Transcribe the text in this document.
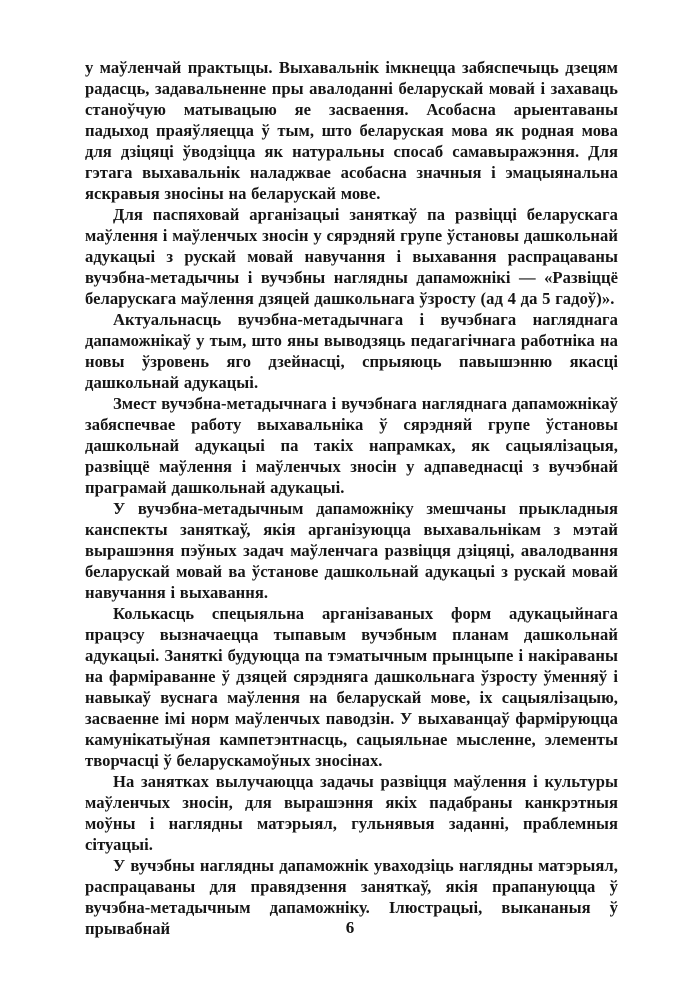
у маўленчай практыцы. Выхавальнік імкнецца забяспечыць дзецям радасць, задавальненне пры авалоданні беларускай мовай і захаваць станоўчую матывацыю яе засваення. Асобасна арыентаваны падыход праяўляецца ў тым, што беларуская мова як родная мова для дзіцяці ўводзіцца як натуральны спосаб самавыражэння. Для гэтага выхавальнік наладжвае асобасна значныя і эмацыянальна яскравыя зносіны на беларускай мове.

Для паспяховай арганізацыі заняткаў па развіцці беларускага маўлення і маўленчых зносін у сярэдняй групе ўстановы дашкольнай адукацыі з рускай мовай навучання і выхавання распрацаваны вучэбна-метадычны і вучэбны наглядны дапаможнікі — «Развіццё беларускага маўлення дзяцей дашкольнага ўзросту (ад 4 да 5 гадоў)».

Актуальнасць вучэбна-метадычнага і вучэбнага нагляднага дапаможнікаў у тым, што яны выводзяць педагагічнага работніка на новы ўзровень яго дзейнасці, спрыяюць павышэнню якасці дашкольнай адукацыі.

Змест вучэбна-метадычнага і вучэбнага нагляднага дапаможнікаў забяспечвае работу выхавальніка ў сярэдняй групе ўстановы дашкольнай адукацыі па такіх напрамках, як сацыялізацыя, развіццё маўлення і маўленчых зносін у адпаведнасці з вучэбнай праграмай дашкольнай адукацыі.

У вучэбна-метадычным дапаможніку змешчаны прыкладныя канспекты заняткаў, якія арганізуюцца выхавальнікам з мэтай вырашэння пэўных задач маўленчага развіцця дзіцяці, авалодвання беларускай мовай ва ўстанове дашкольнай адукацыі з рускай мовай навучання і выхавання.

Колькасць спецыяльна арганізаваных форм адукацыйнага працэсу вызначаецца тыпавым вучэбным планам дашкольнай адукацыі. Заняткі будуюцца па тэматычным прынцыпе і накіраваны на фарміраванне ў дзяцей сярэдняга дашкольнага ўзросту ўменняў і навыкаў вуснага маўлення на беларускай мове, іх сацыялізацыю, засваенне імі норм маўленчых паводзін. У выхаванцаў фарміруюцца камунікатыўная кампетэнтнасць, сацыяльнае мысленне, элементы творчасці ў беларускамоўных зносінах.

На занятках вылучаюцца задачы развіцця маўлення і культуры маўленчых зносін, для вырашэння якіх падабраны канкрэтныя моўны і наглядны матэрыял, гульнявыя заданні, праблемныя сітуацыі.

У вучэбны наглядны дапаможнік уваходзіць наглядны матэрыял, распрацаваны для правядзення заняткаў, якія прапануюцца ў вучэбна-метадычным дапаможніку. Ілюстрацыі, выкананыя ў прывабнай	6
